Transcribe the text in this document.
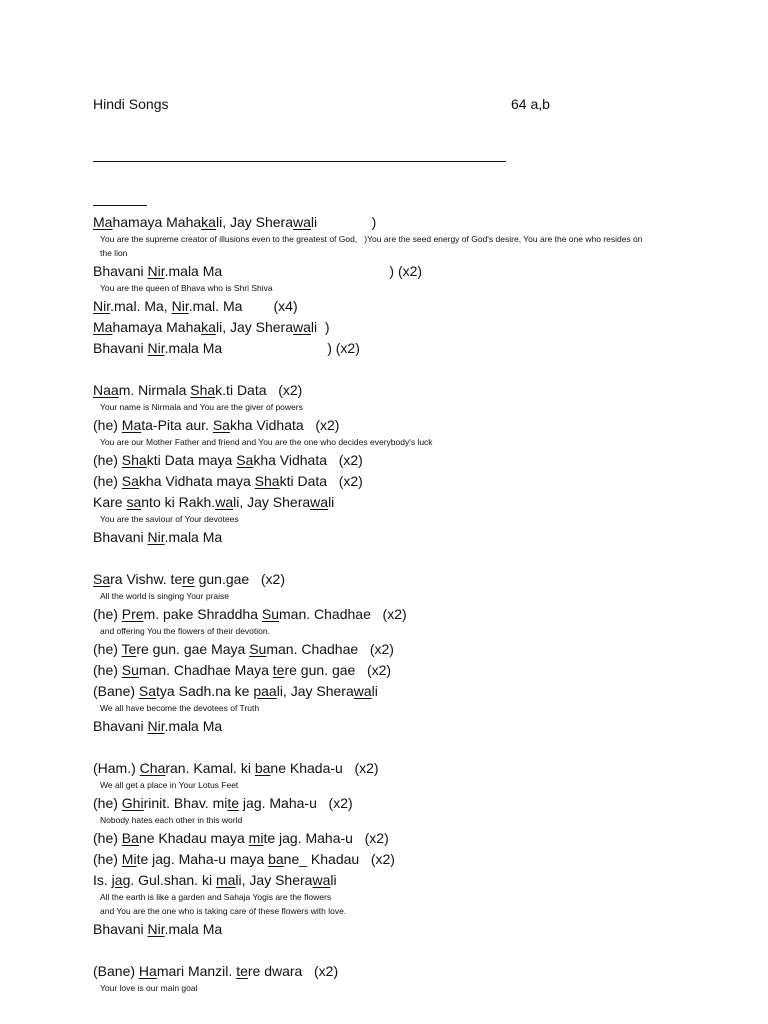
Hindi Songs	64 a,b
Mahamaya Mahakali, Jay Sherawali              )
You are the supreme creator of illusions even to the greatest of God,   )You are the seed energy of God's desire, You are the one who resides on
the lion
Bhavani Nir.mala Ma                                           ) (x2)
You are the queen of Bhava who is Shri Shiva
Nir.mal. Ma, Nir.mal. Ma        (x4)
Mahamaya Mahakali, Jay Sherawali  )
Bhavani Nir.mala Ma                           ) (x2)
Naam. Nirmala Shak.ti Data   (x2)
Your name is Nirmala and You are the giver of powers
(he) Mata-Pita aur. Sakha Vidhata   (x2)
You are our Mother Father and friend and You are the one who decides everybody's luck
(he) Shakti Data maya Sakha Vidhata   (x2)
(he) Sakha Vidhata maya Shakti Data   (x2)
Kare santo ki Rakh.wali, Jay Sherawali
You are the saviour of Your devotees
Bhavani Nir.mala Ma
Sara Vishw. tere gun.gae   (x2)
All the world is singing Your praise
(he) Prem. pake Shraddha Suman. Chadhae   (x2)
and offering You the flowers of their devotion.
(he) Tere gun. gae Maya Suman. Chadhae   (x2)
(he) Suman. Chadhae Maya tere gun. gae   (x2)
(Bane) Satya Sadh.na ke paali, Jay Sherawali
We all have become the devotees of Truth
Bhavani Nir.mala Ma
(Ham.) Charan. Kamal. ki bane Khada-u   (x2)
We all get a place in Your Lotus Feet
(he) Ghirinit. Bhav. mite jag. Maha-u   (x2)
Nobody hates each other in this world
(he) Bane Khadau maya mite jag. Maha-u   (x2)
(he) Mite jag. Maha-u maya bane_ Khadau   (x2)
Is. jag. Gul.shan. ki mali, Jay Sherawali
All the earth is like a garden and Sahaja Yogis are the flowers
and You are the one who is taking care of these flowers with love.
Bhavani Nir.mala Ma
(Bane) Hamari Manzil. tere dwara   (x2)
Your love is our main goal
